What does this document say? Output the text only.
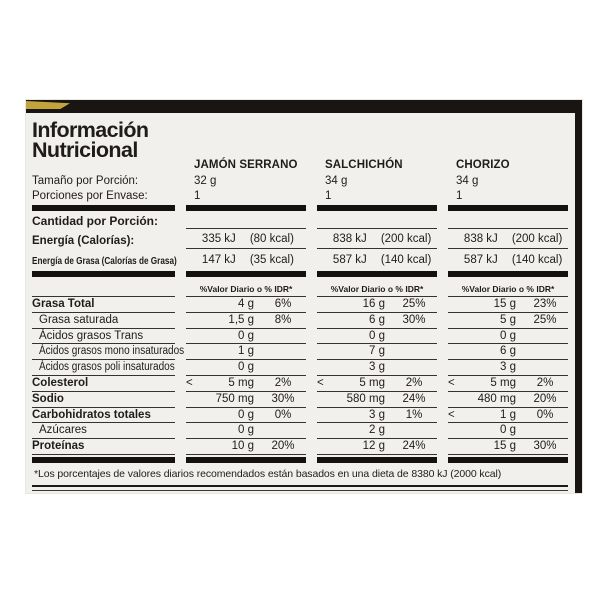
Información
Nutricional
JAMÓN SERRANO	SALCHICHÓN	CHORIZO
Tamaño por Porción:	32 g	34 g	34 g
Porciones por Envase:	1	1	1
Cantidad por Porción:
Energía (Calorías):	335 kJ	(80 kcal)	838 kJ	(200 kcal)	838 kJ	(200 kcal)
Energía de Grasa (Calorías de Grasa)	147 kJ	(35 kcal)	587 kJ	(140 kcal)	587 kJ	(140 kcal)
%Valor Diario o % IDR*	%Valor Diario o % IDR*	%Valor Diario o % IDR*
Grasa Total	4 g	6%	16 g	25%	15 g	23%
Grasa saturada	1,5 g	8%	6 g	30%	5 g	25%
Ácidos grasos Trans	0 g	0 g	0 g
Ácidos grasos mono insaturados	1 g	7 g	6 g
Ácidos grasos poli insaturados	0 g	3 g	3 g
Colesterol	<	5 mg	2%	<	5 mg	2%	<	5 mg	2%
Sodio	750 mg	30%	580 mg	24%	480 mg	20%
Carbohidratos totales	0 g	0%	3 g	1%	<	1 g	0%
Azúcares	0 g	2 g	0 g
Proteínas	10 g	20%	12 g	24%	15 g	30%
*Los porcentajes de valores diarios recomendados están basados en una dieta de 8380 kJ (2000 kcal)
